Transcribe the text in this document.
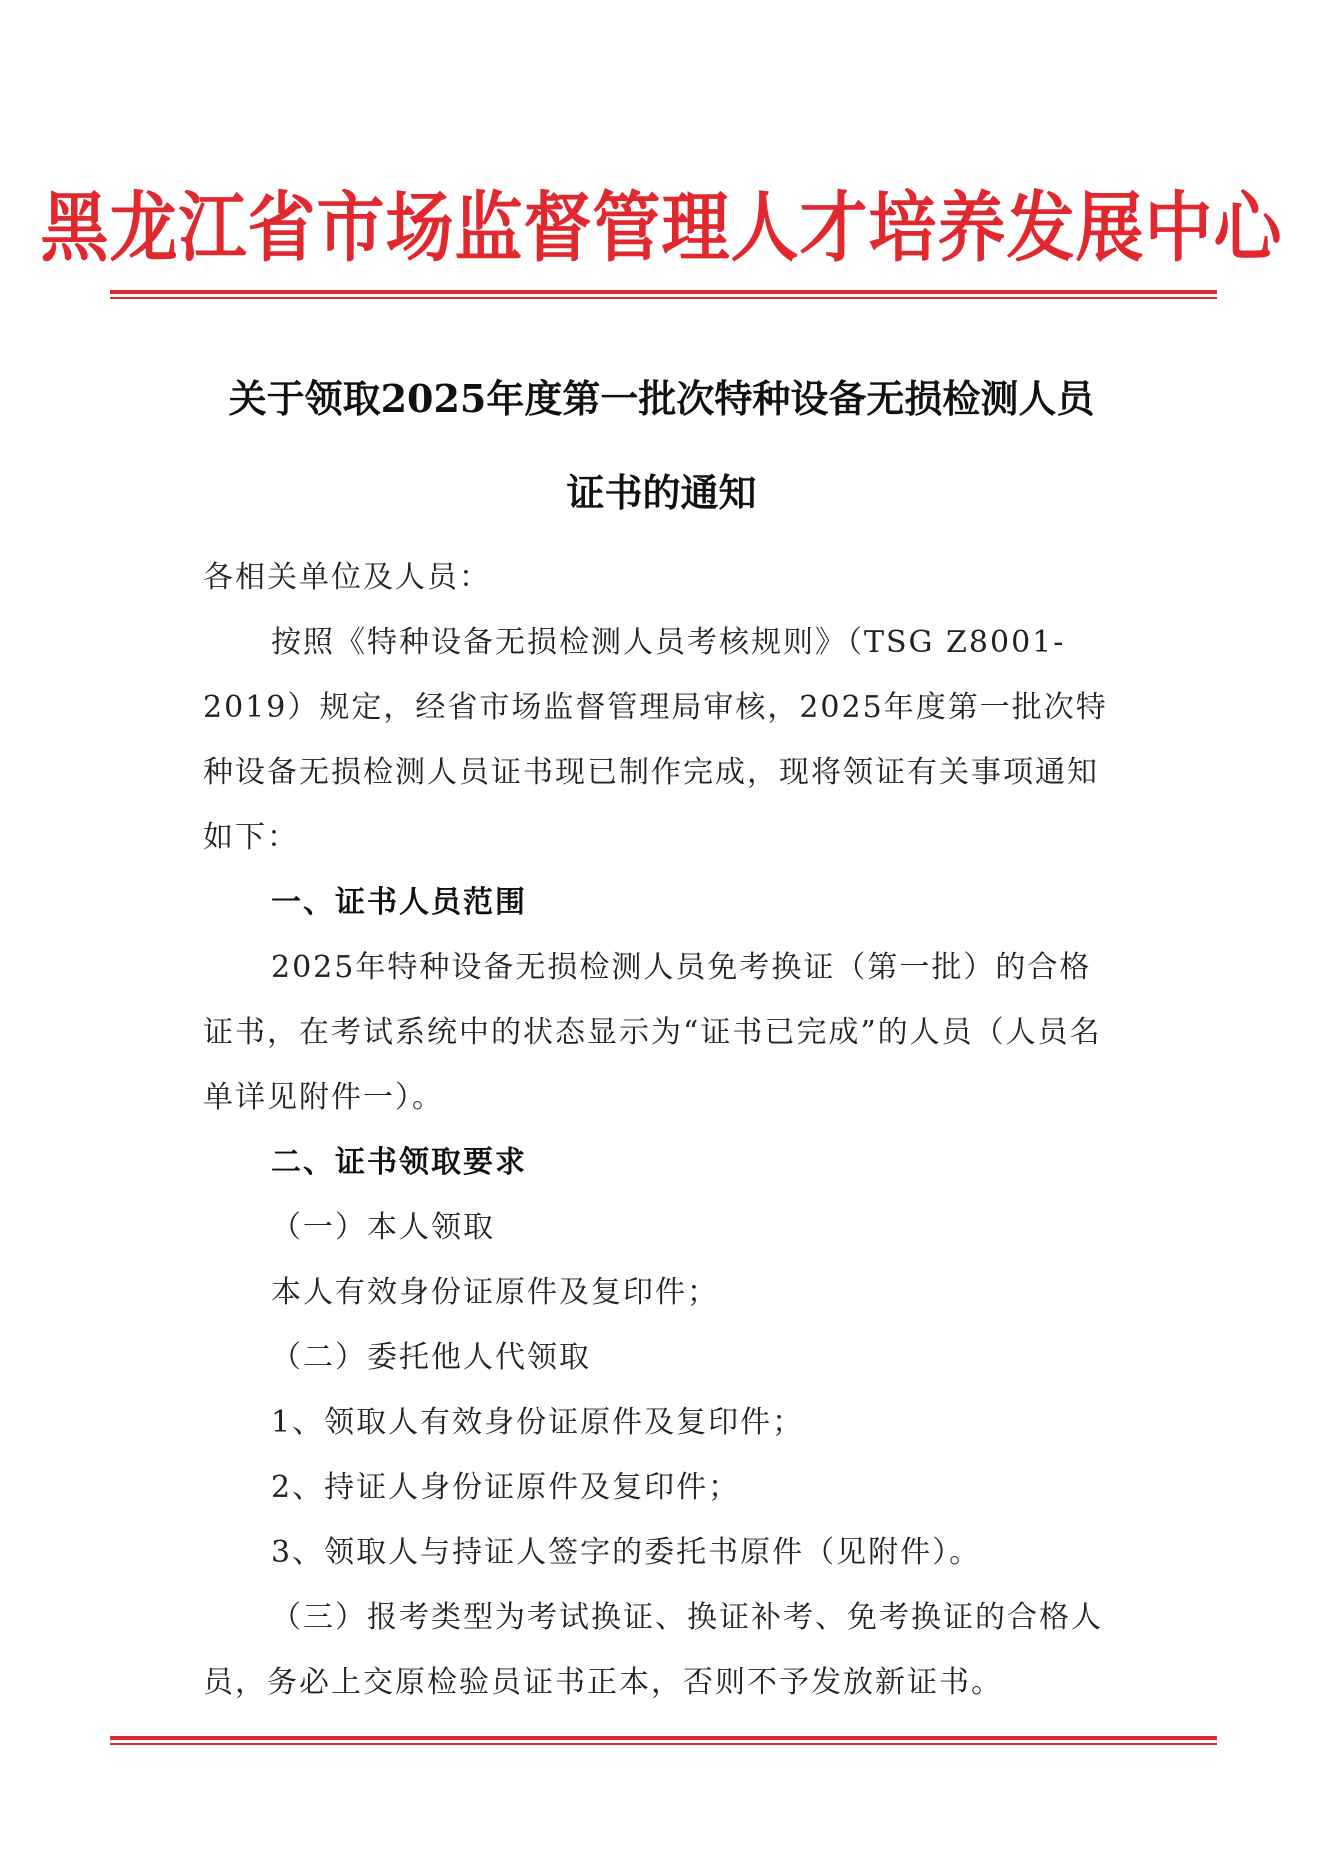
黑龙江省市场监督管理人才培养发展中心
关于领取2025年度第一批次特种设备无损检测人员
证书的通知

各相关单位及人员：

按照《特种设备无损检测人员考核规则》（TSG Z8001-2019）规定，经省市场监督管理局审核，2025年度第一批次特种设备无损检测人员证书现已制作完成，现将领证有关事项通知如下：

一、证书人员范围

2025年特种设备无损检测人员免考换证（第一批）的合格证书，在考试系统中的状态显示为“证书已完成”的人员（人员名单详见附件一）。

二、证书领取要求

（一）本人领取

本人有效身份证原件及复印件；

（二）委托他人代领取

1、领取人有效身份证原件及复印件；

2、持证人身份证原件及复印件；

3、领取人与持证人签字的委托书原件（见附件）。

（三）报考类型为考试换证、换证补考、免考换证的合格人员，务必上交原检验员证书正本，否则不予发放新证书。
